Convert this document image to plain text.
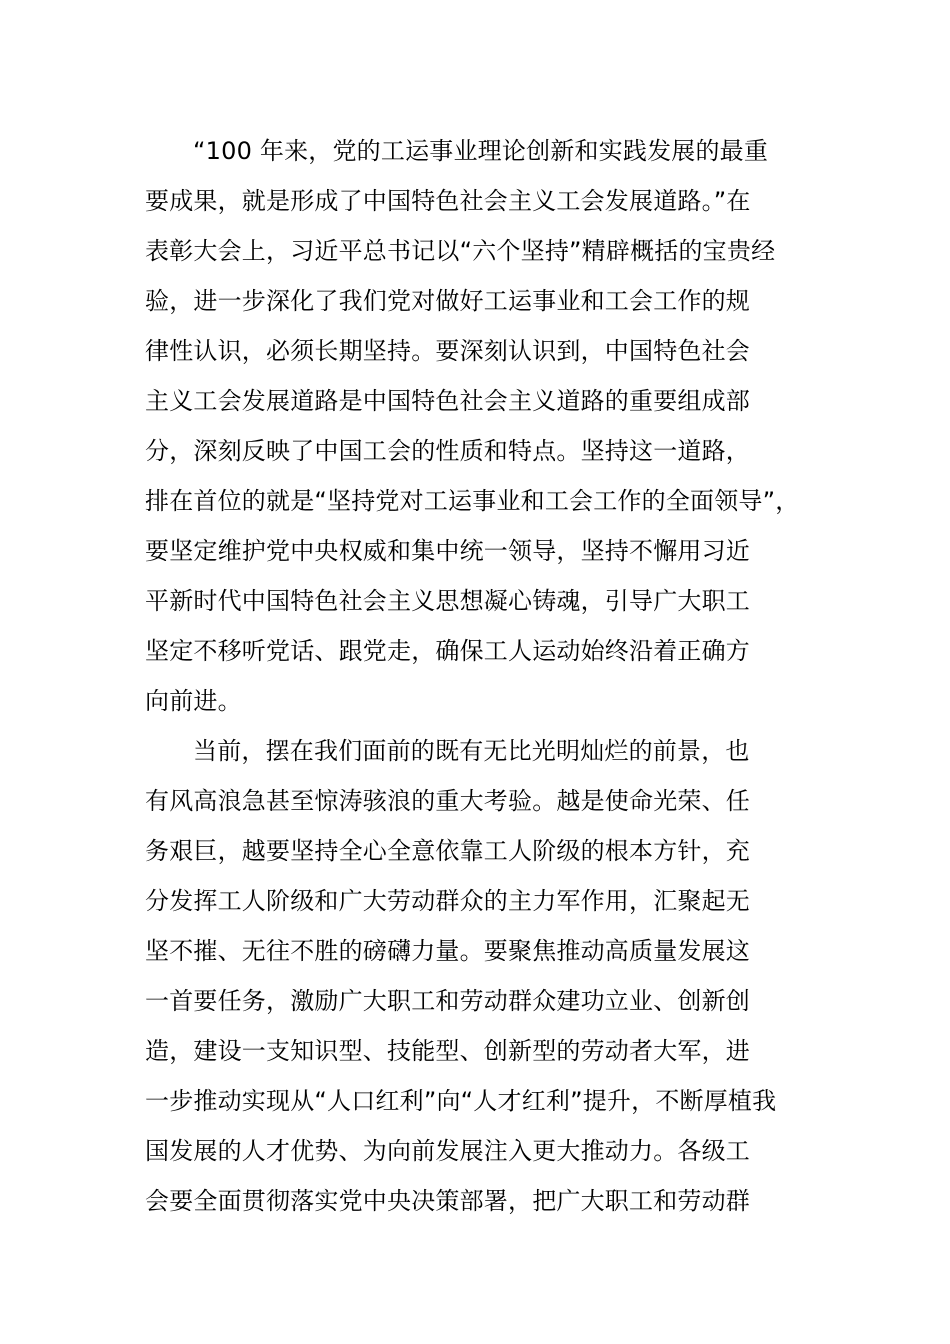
“100 年来，党的工运事业理论创新和实践发展的最重
要成果，就是形成了中国特色社会主义工会发展道路。”在
表彰大会上，习近平总书记以“六个坚持”精辟概括的宝贵经
验，进一步深化了我们党对做好工运事业和工会工作的规
律性认识，必须长期坚持。要深刻认识到，中国特色社会
主义工会发展道路是中国特色社会主义道路的重要组成部
分，深刻反映了中国工会的性质和特点。坚持这一道路，
排在首位的就是“坚持党对工运事业和工会工作的全面领导”，
要坚定维护党中央权威和集中统一领导，坚持不懈用习近
平新时代中国特色社会主义思想凝心铸魂，引导广大职工
坚定不移听党话、跟党走，确保工人运动始终沿着正确方
向前进。
当前，摆在我们面前的既有无比光明灿烂的前景，也
有风高浪急甚至惊涛骇浪的重大考验。越是使命光荣、任
务艰巨，越要坚持全心全意依靠工人阶级的根本方针，充
分发挥工人阶级和广大劳动群众的主力军作用，汇聚起无
坚不摧、无往不胜的磅礴力量。要聚焦推动高质量发展这
一首要任务，激励广大职工和劳动群众建功立业、创新创
造，建设一支知识型、技能型、创新型的劳动者大军，进
一步推动实现从“人口红利”向“人才红利”提升，不断厚植我
国发展的人才优势、为向前发展注入更大推动力。各级工
会要全面贯彻落实党中央决策部署，把广大职工和劳动群
